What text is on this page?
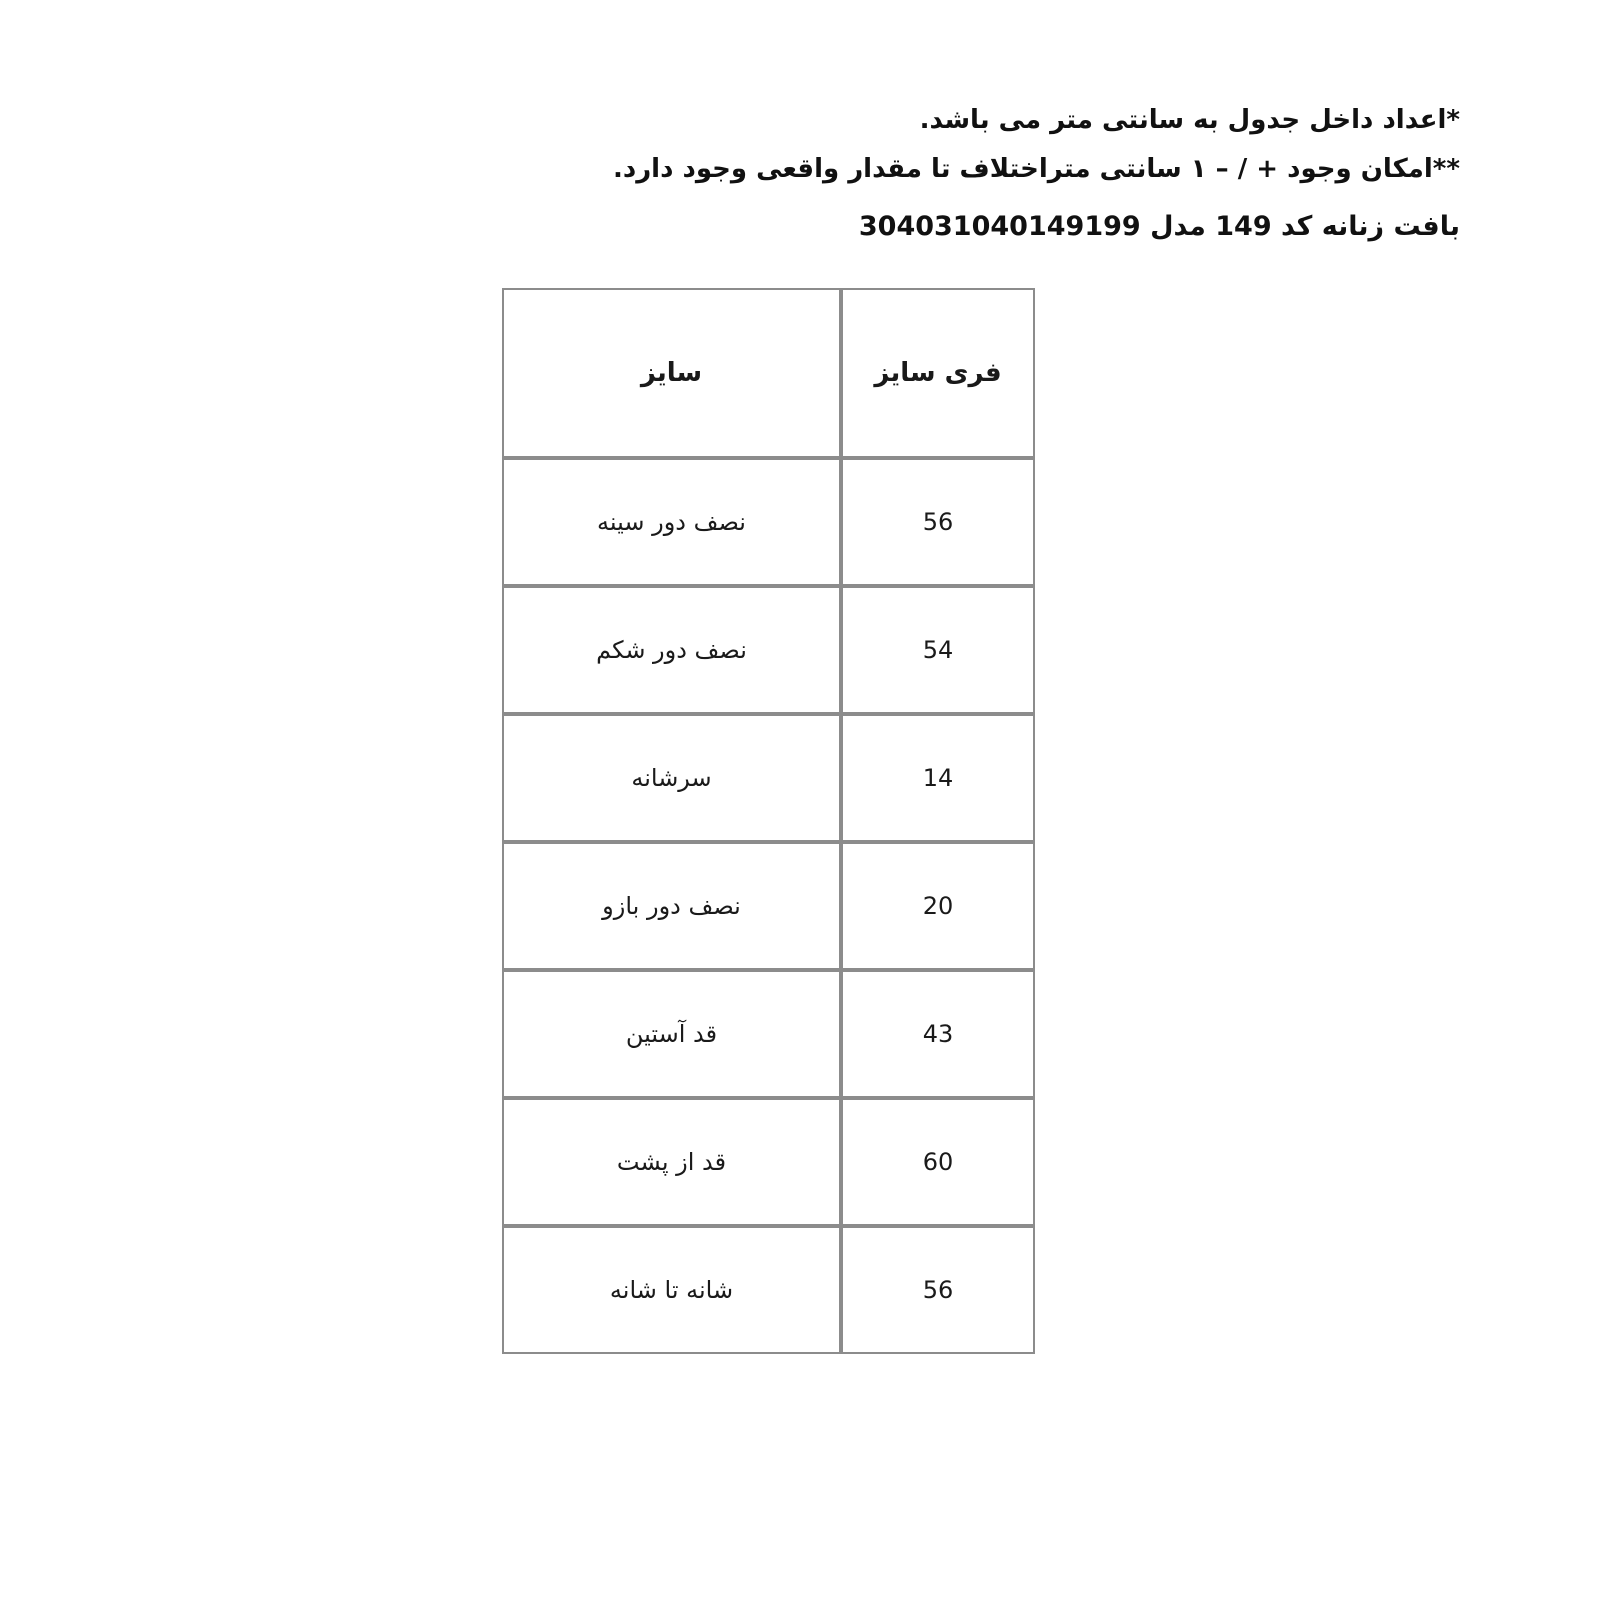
*اعداد داخل جدول به سانتی متر می باشد.
**امکان وجود + / – ۱ سانتی متراختلاف تا مقدار واقعی وجود دارد.
بافت زنانه کد 149 مدل 304031040149199
فری سایز	سایز
56	نصف دور سینه
54	نصف دور شکم
14	سرشانه
20	نصف دور بازو
43	قد آستین
60	قد از پشت
56	شانه تا شانه
